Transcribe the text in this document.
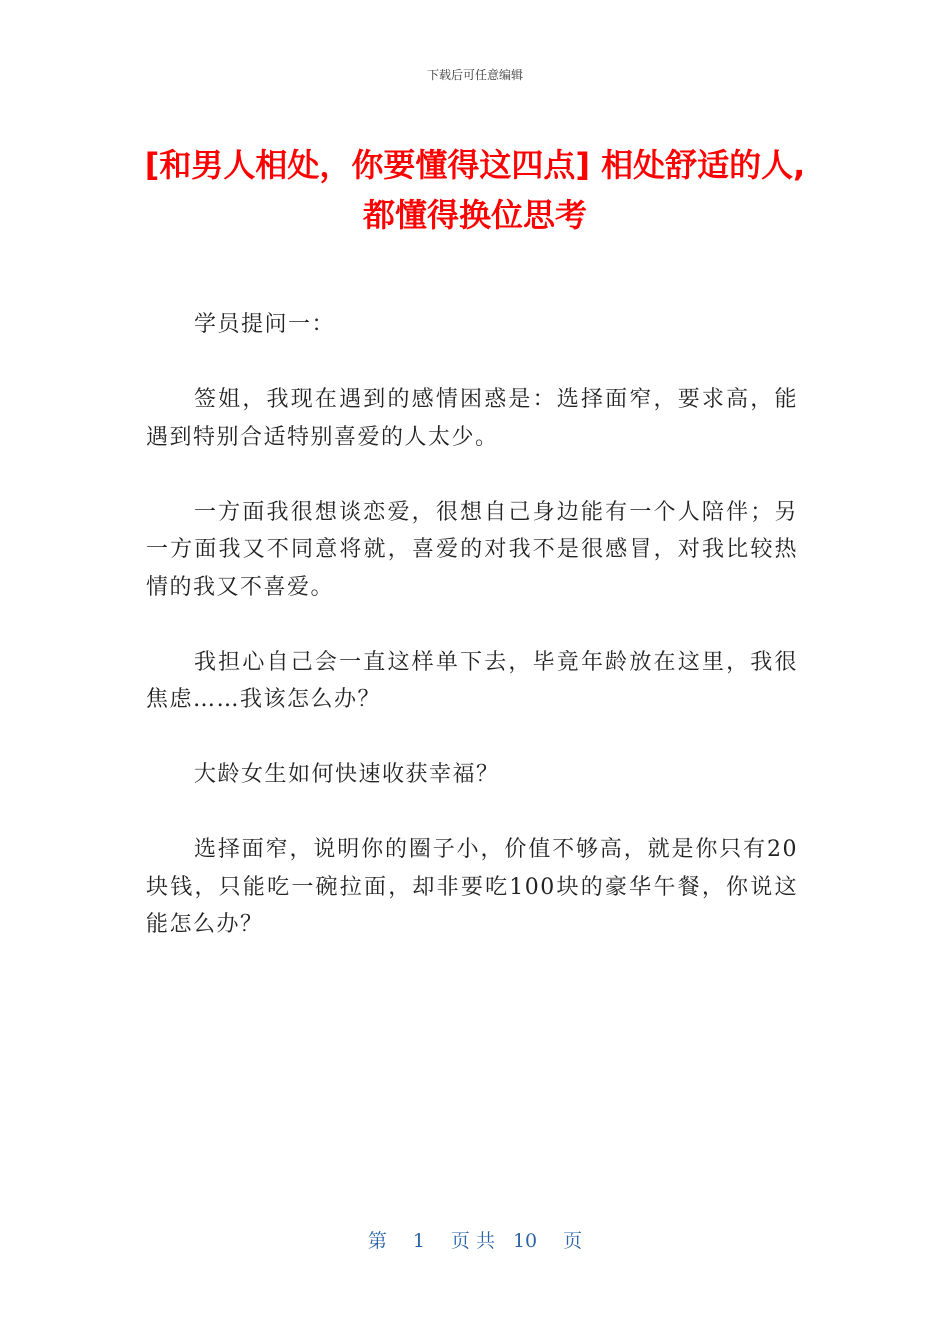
下载后可任意编辑
[和男人相处，你要懂得这四点] 相处舒适的人,都懂得换位思考

学员提问一：

签姐，我现在遇到的感情困惑是：选择面窄，要求高，能遇到特别合适特别喜爱的人太少。

一方面我很想谈恋爱，很想自己身边能有一个人陪伴；另一方面我又不同意将就，喜爱的对我不是很感冒，对我比较热情的我又不喜爱。

我担心自己会一直这样单下去，毕竟年龄放在这里，我很焦虑……我该怎么办？

大龄女生如何快速收获幸福？

选择面窄，说明你的圈子小，价值不够高，就是你只有20块钱，只能吃一碗拉面，却非要吃100块的豪华午餐，你说这能怎么办？

第 1 页 共 10 页
